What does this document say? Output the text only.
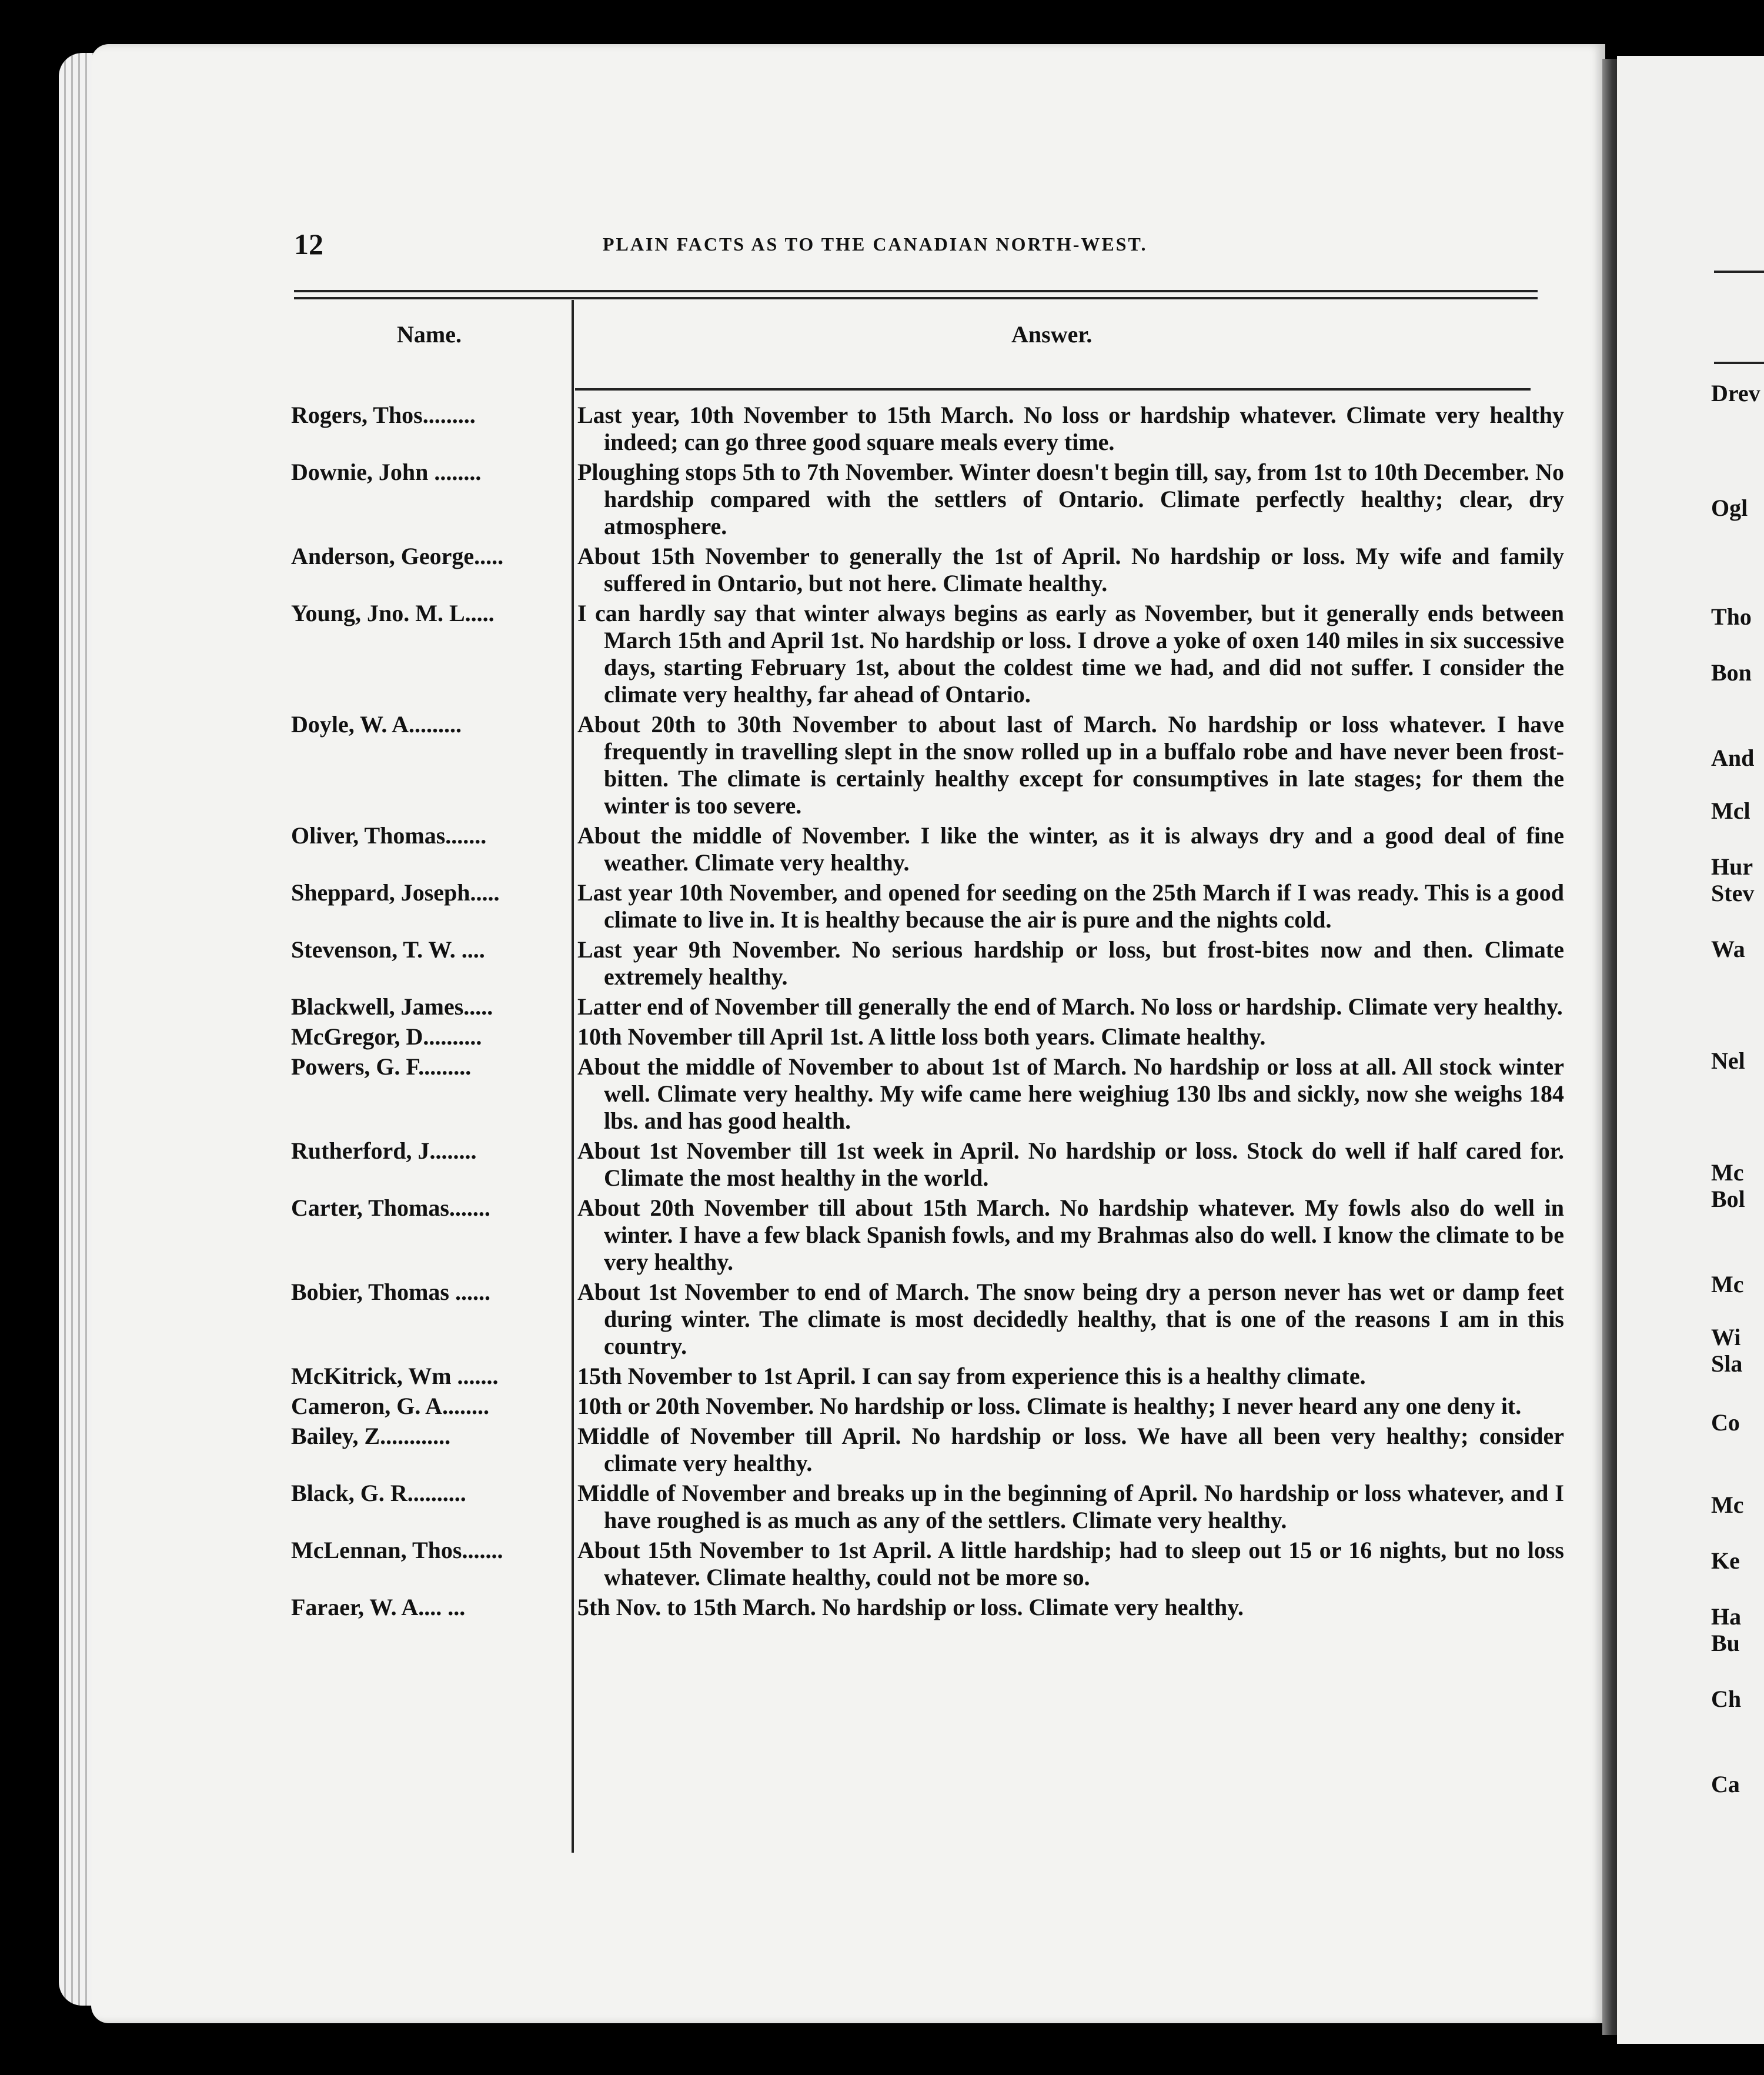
12	PLAIN FACTS AS TO THE CANADIAN NORTH-WEST.
Name.	Answer.
Rogers, Thos.........	Last year, 10th November to 15th March. No loss or hardship whatever. Climate very healthy indeed; can go three good square meals every time.
Downie, John ........	Ploughing stops 5th to 7th November. Winter doesn't begin till, say, from 1st to 10th December. No hardship compared with the settlers of Ontario. Climate perfectly healthy; clear, dry atmosphere.
Anderson, George.....	About 15th November to generally the 1st of April. No hardship or loss. My wife and family suffered in Ontario, but not here. Climate healthy.
Young, Jno. M. L.....	I can hardly say that winter always begins as early as November, but it generally ends between March 15th and April 1st. No hardship or loss. I drove a yoke of oxen 140 miles in six successive days, starting February 1st, about the coldest time we had, and did not suffer. I consider the climate very healthy, far ahead of Ontario.
Doyle, W. A.........	About 20th to 30th November to about last of March. No hardship or loss whatever. I have frequently in travelling slept in the snow rolled up in a buffalo robe and have never been frost-bitten. The climate is certainly healthy except for consumptives in late stages; for them the winter is too severe.
Oliver, Thomas.......	About the middle of November. I like the winter, as it is always dry and a good deal of fine weather. Climate very healthy.
Sheppard, Joseph.....	Last year 10th November, and opened for seeding on the 25th March if I was ready. This is a good climate to live in. It is healthy because the air is pure and the nights cold.
Stevenson, T. W. ....	Last year 9th November. No serious hardship or loss, but frost-bites now and then. Climate extremely healthy.
Blackwell, James.....	Latter end of November till generally the end of March. No loss or hardship. Climate very healthy.
McGregor, D..........	10th November till April 1st. A little loss both years. Climate healthy.
Powers, G. F.........	About the middle of November to about 1st of March. No hardship or loss at all. All stock winter well. Climate very healthy. My wife came here weighiug 130 lbs and sickly, now she weighs 184 lbs. and has good health.
Rutherford, J........	About 1st November till 1st week in April. No hardship or loss. Stock do well if half cared for. Climate the most healthy in the world.
Carter, Thomas.......	About 20th November till about 15th March. No hardship whatever. My fowls also do well in winter. I have a few black Spanish fowls, and my Brahmas also do well. I know the climate to be very healthy.
Bobier, Thomas ......	About 1st November to end of March. The snow being dry a person never has wet or damp feet during winter. The climate is most decidedly healthy, that is one of the reasons I am in this country.
McKitrick, Wm .......	15th November to 1st April. I can say from experience this is a healthy climate.
Cameron, G. A........	10th or 20th November. No hardship or loss. Climate is healthy; I never heard any one deny it.
Bailey, Z............	Middle of November till April. No hardship or loss. We have all been very healthy; consider climate very healthy.
Black, G. R..........	Middle of November and breaks up in the beginning of April. No hardship or loss whatever, and I have roughed is as much as any of the settlers. Climate very healthy.
McLennan, Thos.......	About 15th November to 1st April. A little hardship; had to sleep out 15 or 16 nights, but no loss whatever. Climate healthy, could not be more so.
Faraer, W. A.... ...	5th Nov. to 15th March. No hardship or loss. Climate very healthy.
Drev
Ogl
Tho
Bon
And
Mcl
Hur
Stev
Wa
Nel
Mc
Bol
Mc
Wi
Sla
Co
Mc
Ke
Ha
Bu
Ch
Ca
